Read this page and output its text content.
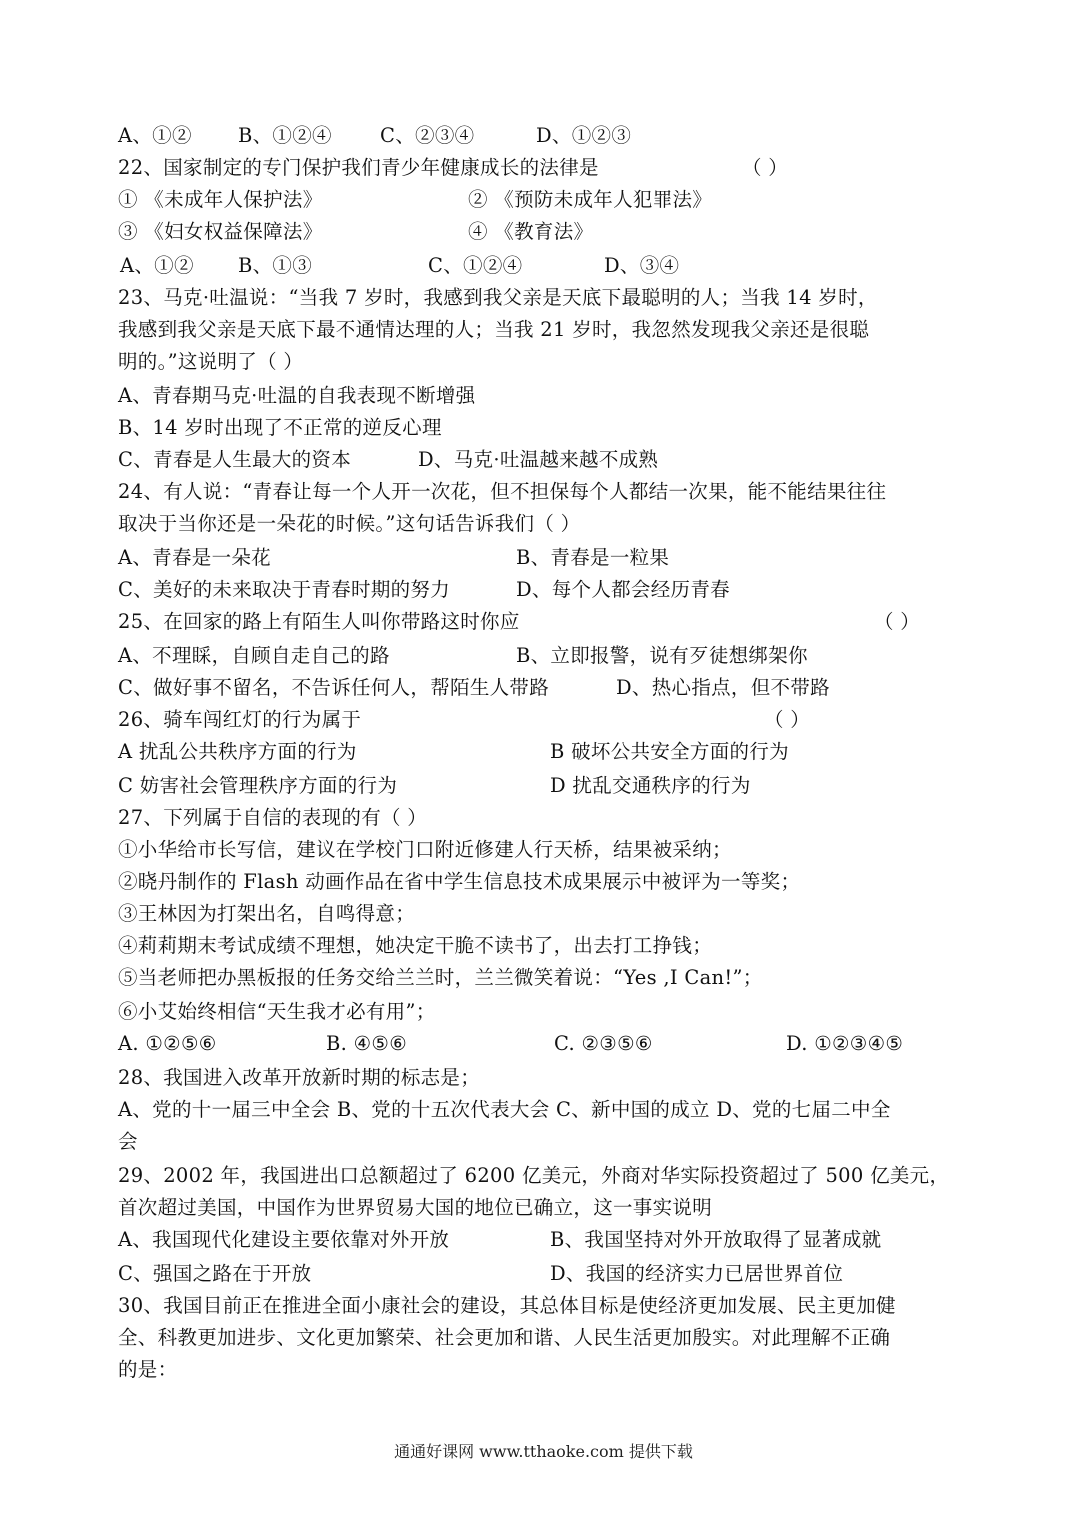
A、①② B、①②④ C、②③④	D、①②③
22、国家制定的专门保护我们青少年健康成长的法律是	（ ）
① 《未成年人保护法》	② 《预防未成年人犯罪法》
③ 《妇女权益保障法》	④ 《教育法》
A、①② B、①③	C、①②④	D、③④
23、马克·吐温说：“当我 7 岁时，我感到我父亲是天底下最聪明的人；当我 14 岁时，
我感到我父亲是天底下最不通情达理的人；当我 21 岁时，我忽然发现我父亲还是很聪
明的。”这说明了（ ）
A、青春期马克·吐温的自我表现不断增强
B、14 岁时出现了不正常的逆反心理
C、青春是人生最大的资本	D、马克·吐温越来越不成熟
24、有人说：“青春让每一个人开一次花，但不担保每个人都结一次果，能不能结果往往
取决于当你还是一朵花的时候。”这句话告诉我们（ ）
A、青春是一朵花	B、青春是一粒果
C、美好的未来取决于青春时期的努力	D、每个人都会经历青春
25、在回家的路上有陌生人叫你带路这时你应	（ ）
A、不理睬，自顾自走自己的路	B、立即报警，说有歹徒想绑架你
C、做好事不留名，不告诉任何人，帮陌生人带路	D、热心指点，但不带路
26、骑车闯红灯的行为属于	（ ）
A 扰乱公共秩序方面的行为	B 破坏公共安全方面的行为
C 妨害社会管理秩序方面的行为	D 扰乱交通秩序的行为
27、下列属于自信的表现的有（ ）
①小华给市长写信，建议在学校门口附近修建人行天桥，结果被采纳；
②晓丹制作的 Flash 动画作品在省中学生信息技术成果展示中被评为一等奖；
③王林因为打架出名，自鸣得意；
④莉莉期末考试成绩不理想，她决定干脆不读书了，出去打工挣钱；
⑤当老师把办黑板报的任务交给兰兰时，兰兰微笑着说：“Yes ,I Can!”；
⑥小艾始终相信“天生我才必有用”；
A. ①②⑤⑥	B. ④⑤⑥	C. ②③⑤⑥	D. ①②③④⑤
28、我国进入改革开放新时期的标志是；
A、党的十一届三中全会 B、党的十五次代表大会 C、新中国的成立 D、党的七届二中全
会
29、2002 年，我国进出口总额超过了 6200 亿美元，外商对华实际投资超过了 500 亿美元，
首次超过美国，中国作为世界贸易大国的地位已确立，这一事实说明
A、我国现代化建设主要依靠对外开放	B、我国坚持对外开放取得了显著成就
C、强国之路在于开放	D、我国的经济实力已居世界首位
30、我国目前正在推进全面小康社会的建设，其总体目标是使经济更加发展、民主更加健
全、科教更加进步、文化更加繁荣、社会更加和谐、人民生活更加殷实。对此理解不正确
的是：
通通好课网 www.tthaoke.com 提供下载
